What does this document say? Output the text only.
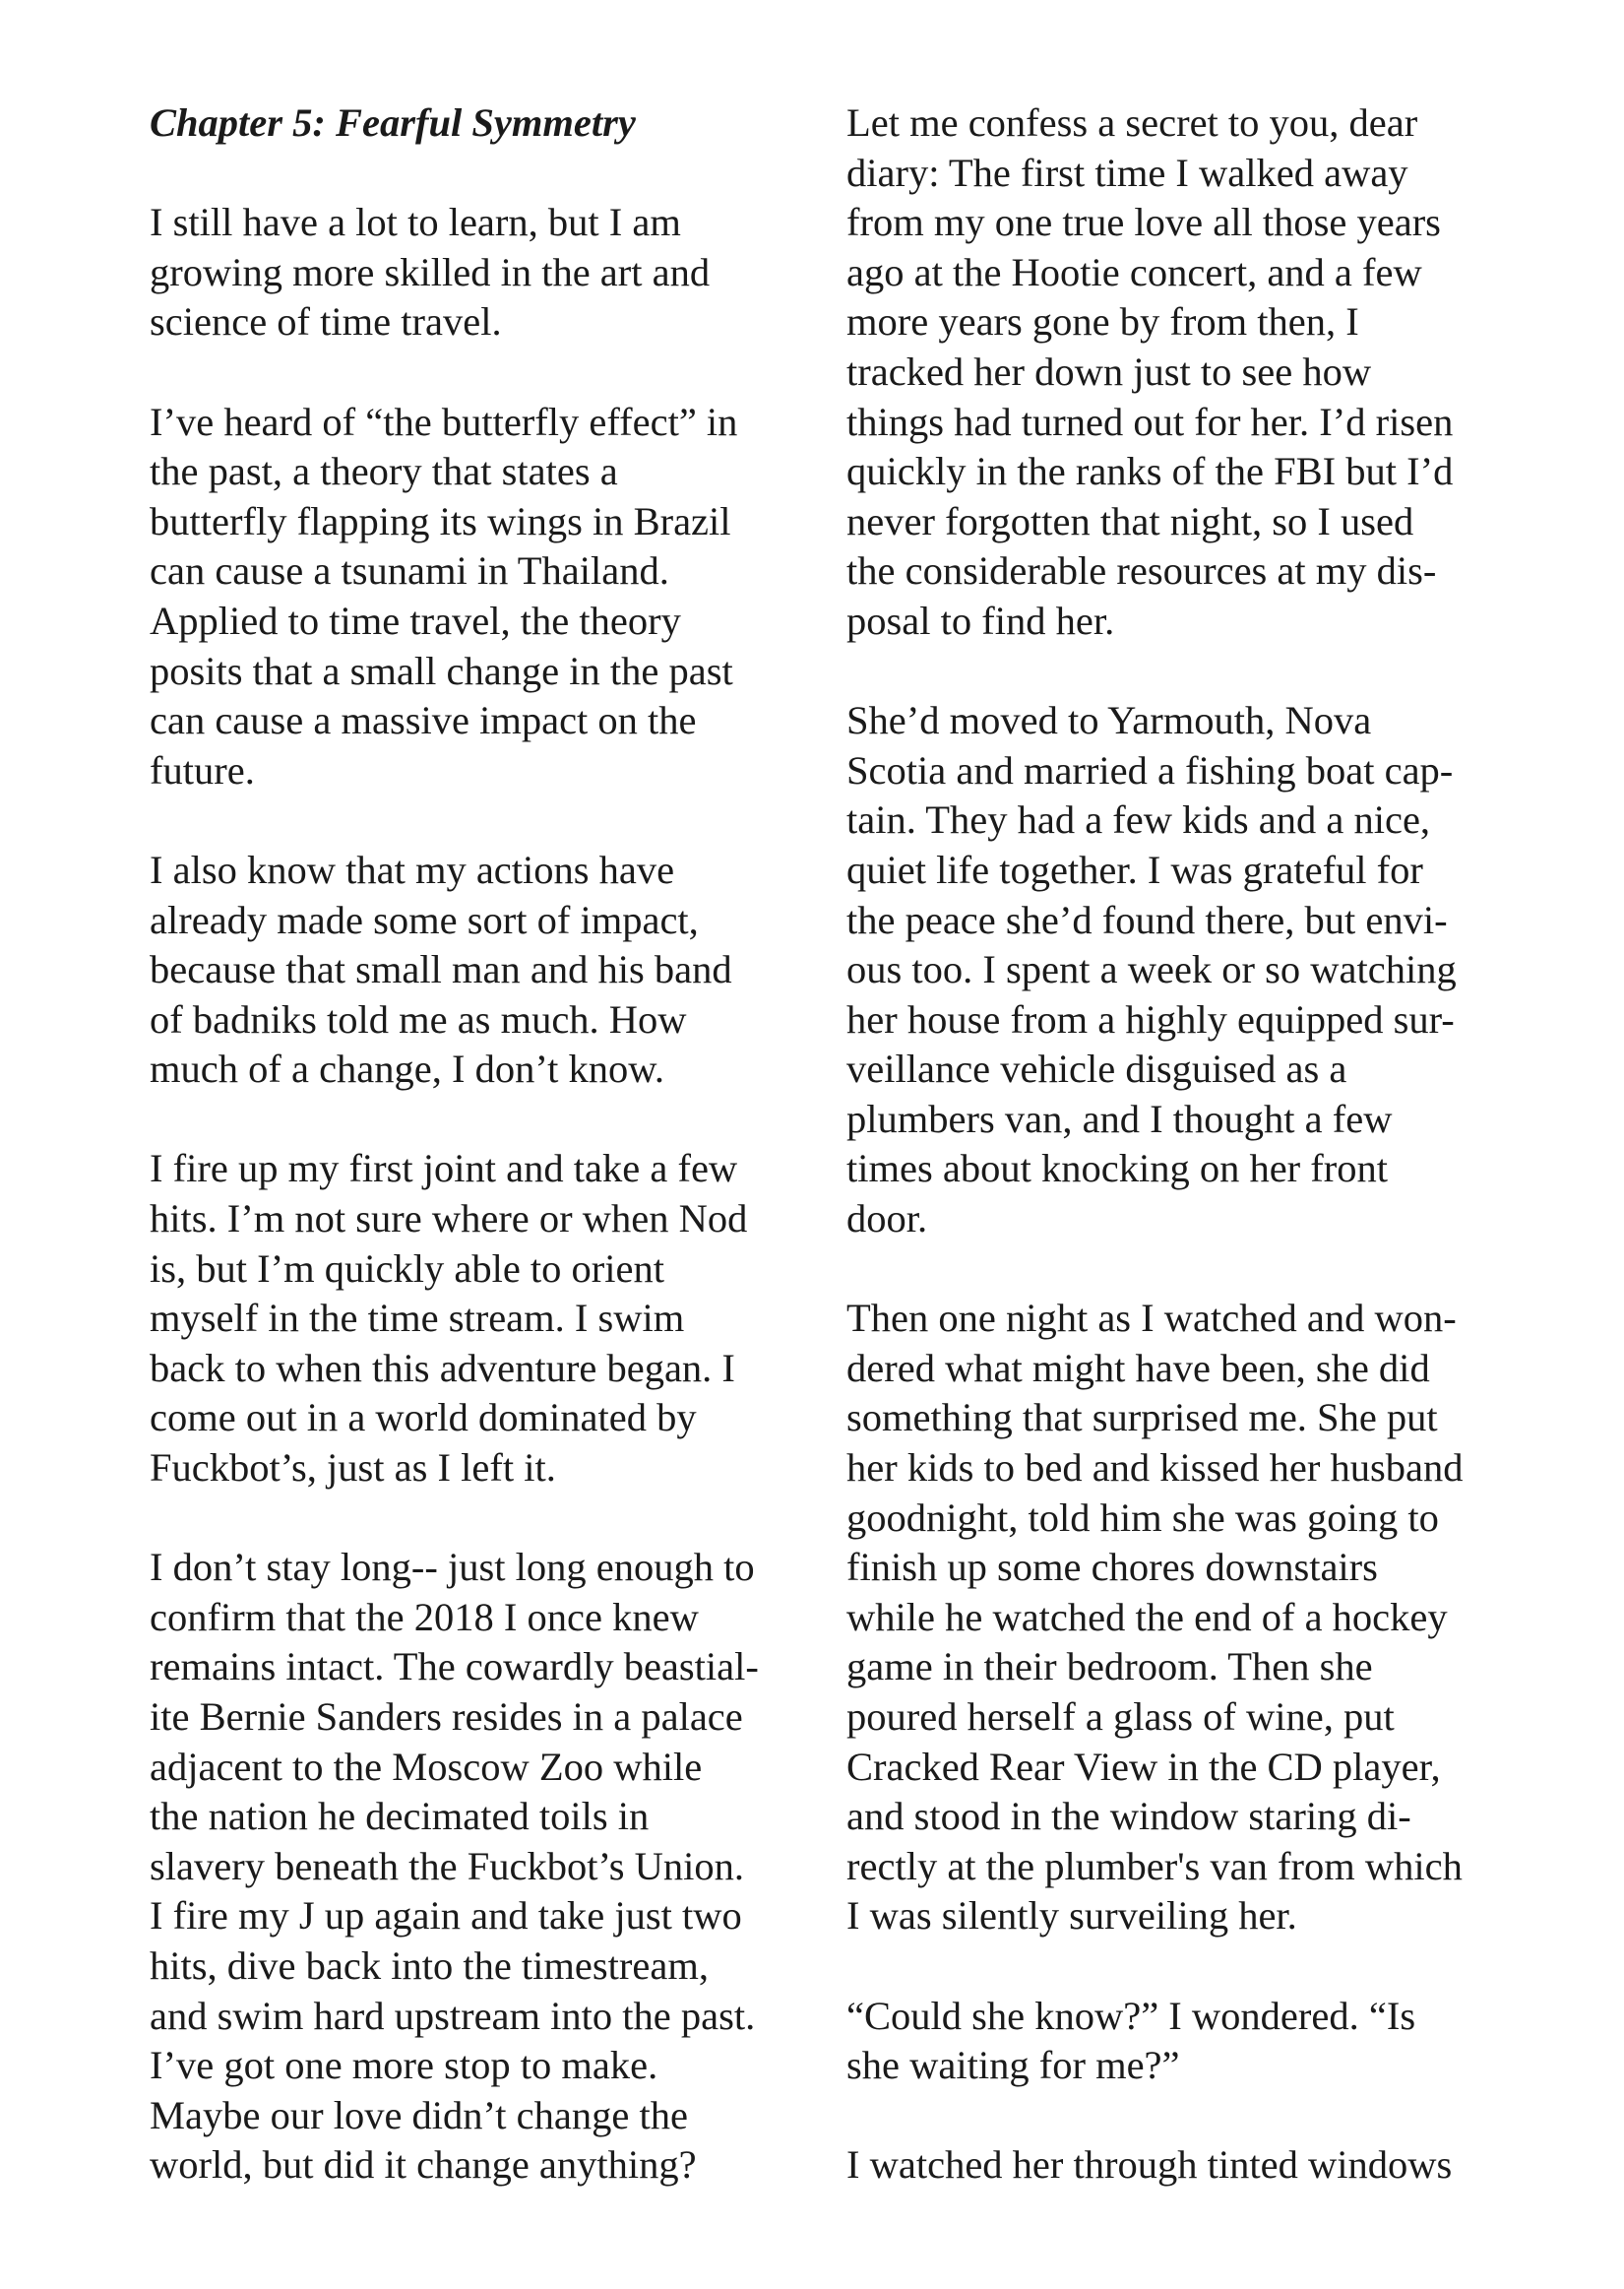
Chapter 5: Fearful Symmetry
I still have a lot to learn, but I am
growing more skilled in the art and
science of time travel.
I’ve heard of “the butterfly effect” in
the past, a theory that states a
butterfly flapping its wings in Brazil
can cause a tsunami in Thailand.
Applied to time travel, the theory
posits that a small change in the past
can cause a massive impact on the
future.
I also know that my actions have
already made some sort of impact,
because that small man and his band
of badniks told me as much. How
much of a change, I don’t know.
I fire up my first joint and take a few
hits. I’m not sure where or when Nod
is, but I’m quickly able to orient
myself in the time stream. I swim
back to when this adventure began. I
come out in a world dominated by
Fuckbot’s, just as I left it.
I don’t stay long-- just long enough to
confirm that the 2018 I once knew
remains intact. The cowardly beastial-
ite Bernie Sanders resides in a palace
adjacent to the Moscow Zoo while
the nation he decimated toils in
slavery beneath the Fuckbot’s Union.
I fire my J up again and take just two
hits, dive back into the timestream,
and swim hard upstream into the past.
I’ve got one more stop to make.
Maybe our love didn’t change the
world, but did it change anything?
Let me confess a secret to you, dear
diary: The first time I walked away
from my one true love all those years
ago at the Hootie concert, and a few
more years gone by from then, I
tracked her down just to see how
things had turned out for her. I’d risen
quickly in the ranks of the FBI but I’d
never forgotten that night, so I used
the considerable resources at my dis-
posal to find her.
She’d moved to Yarmouth, Nova
Scotia and married a fishing boat cap-
tain. They had a few kids and a nice,
quiet life together. I was grateful for
the peace she’d found there, but envi-
ous too. I spent a week or so watching
her house from a highly equipped sur-
veillance vehicle disguised as a
plumbers van, and I thought a few
times about knocking on her front
door.
Then one night as I watched and won-
dered what might have been, she did
something that surprised me. She put
her kids to bed and kissed her husband
goodnight, told him she was going to
finish up some chores downstairs
while he watched the end of a hockey
game in their bedroom. Then she
poured herself a glass of wine, put
Cracked Rear View in the CD player,
and stood in the window staring di-
rectly at the plumber's van from which
I was silently surveiling her.
“Could she know?” I wondered. “Is
she waiting for me?”
I watched her through tinted windows
